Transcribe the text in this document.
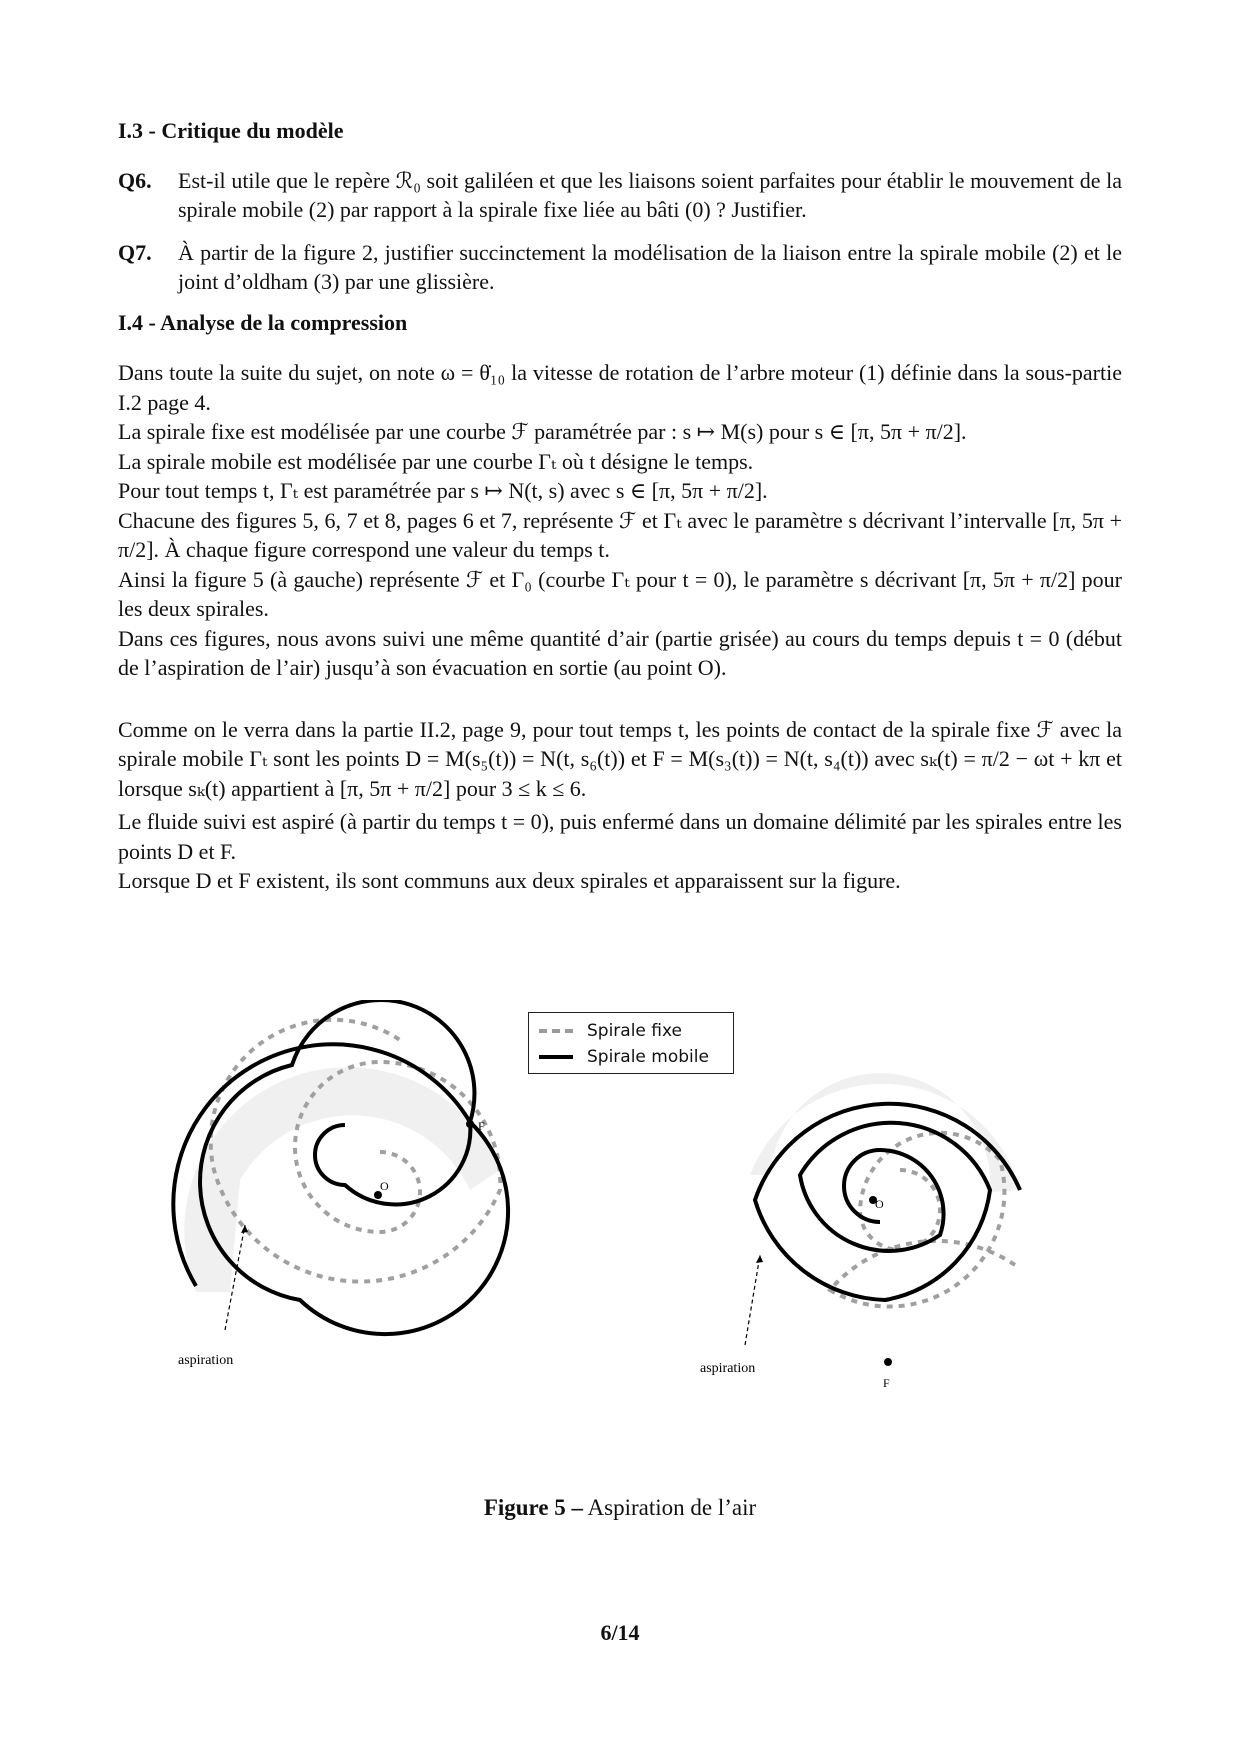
I.3 - Critique du modèle
Q6.	Est-il utile que le repère ℛ₀ soit galiléen et que les liaisons soient parfaites pour établir le mouvement de la spirale mobile (2) par rapport à la spirale fixe liée au bâti (0) ? Justifier.
Q7.	À partir de la figure 2, justifier succinctement la modélisation de la liaison entre la spirale mobile (2) et le joint d’oldham (3) par une glissière.
I.4 - Analyse de la compression

Dans toute la suite du sujet, on note ω = θ̇₁₀ la vitesse de rotation de l’arbre moteur (1) définie dans la sous-partie I.2 page 4.

La spirale fixe est modélisée par une courbe ℱ paramétrée par : s ↦ M(s) pour s ∈ [π, 5π + π/2].

La spirale mobile est modélisée par une courbe Γₜ où t désigne le temps.

Pour tout temps t, Γₜ est paramétrée par s ↦ N(t, s) avec s ∈ [π, 5π + π/2].

Chacune des figures 5, 6, 7 et 8, pages 6 et 7, représente ℱ et Γₜ avec le paramètre s décrivant l’intervalle [π, 5π + π/2]. À chaque figure correspond une valeur du temps t.

Ainsi la figure 5 (à gauche) représente ℱ et Γ₀ (courbe Γₜ pour t = 0), le paramètre s décrivant [π, 5π + π/2] pour les deux spirales.

Dans ces figures, nous avons suivi une même quantité d’air (partie grisée) au cours du temps depuis t = 0 (début de l’aspiration de l’air) jusqu’à son évacuation en sortie (au point O).

Comme on le verra dans la partie II.2, page 9, pour tout temps t, les points de contact de la spirale fixe ℱ avec la spirale mobile Γₜ sont les points D = M(s₅(t)) = N(t, s₆(t)) et F = M(s₃(t)) = N(t, s₄(t)) avec sₖ(t) = π/2 − ωt + kπ et lorsque sₖ(t) appartient à [π, 5π + π/2] pour 3 ≤ k ≤ 6.

Le fluide suivi est aspiré (à partir du temps t = 0), puis enfermé dans un domaine délimité par les spirales entre les points D et F.

Lorsque D et F existent, ils sont communs aux deux spirales et apparaissent sur la figure.

Spirale fixe
Spirale mobile
O
F
aspiration
O
F
aspiration
Figure 5 – Aspiration de l’air
6/14
